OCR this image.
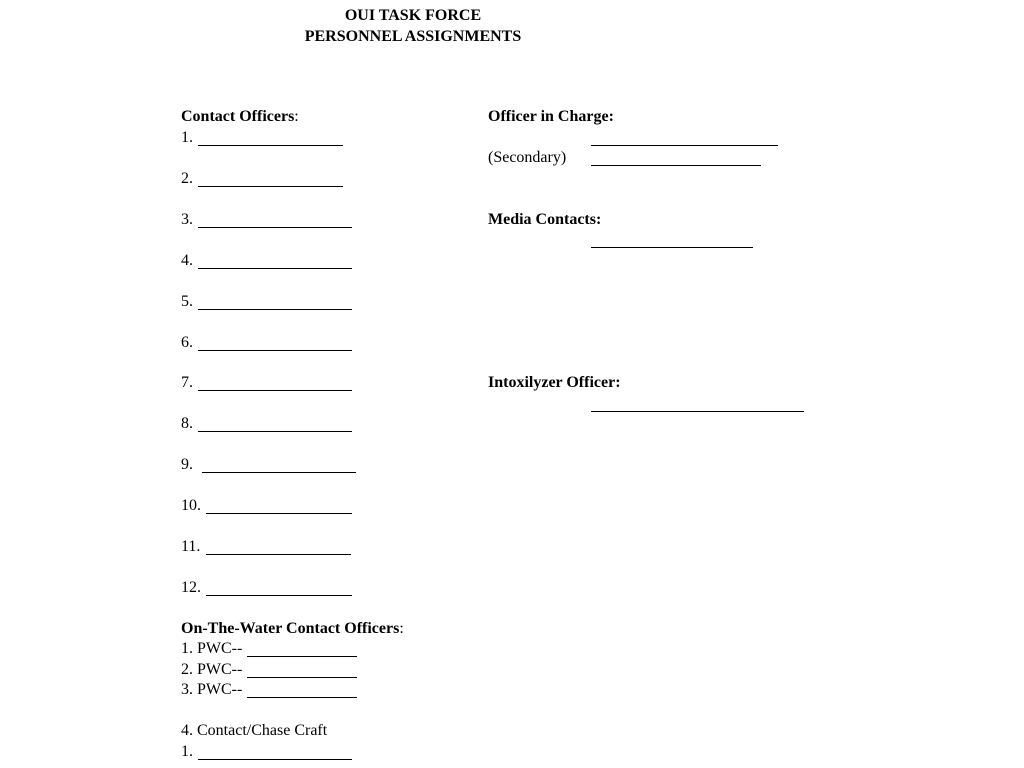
OUI TASK FORCE
PERSONNEL ASSIGNMENTS
Contact Officers:
1.
2.
3.
4.
5.
6.
7.
8.
9.
10.
11.
12.
Officer in Charge:
(Secondary)
Media Contacts:
Intoxilyzer Officer:
On-The-Water Contact Officers:
1. PWC--
2. PWC--
3. PWC--
4. Contact/Chase Craft
1.
